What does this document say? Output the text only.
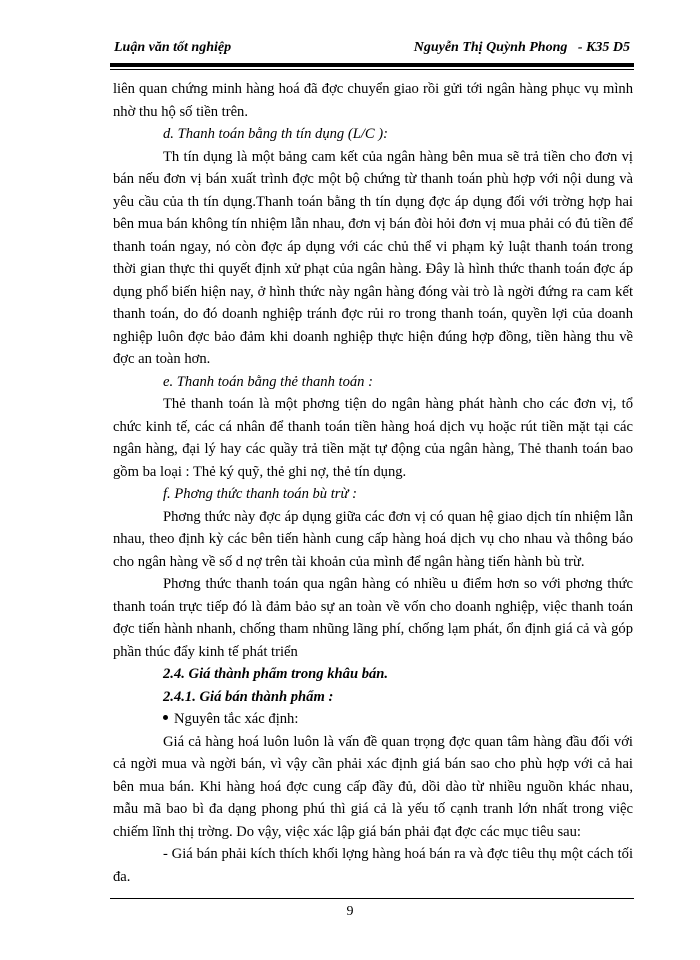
Luận văn tốt nghiệp	Nguyễn Thị Quỳnh Phong   - K35 D5

liên quan chứng minh hàng hoá đã đợc chuyển giao rồi gửi tới ngân hàng phục vụ mình nhờ thu hộ số tiền trên.

d. Thanh toán bằng th tín dụng (L/C ):

Th tín dụng là một bảng cam kết của ngân hàng bên mua sẽ trả tiền cho đơn vị bán nếu đơn vị bán xuất trình đợc một bộ chứng từ thanh toán phù hợp với nội dung và yêu cầu của th tín dụng.Thanh toán bằng th tín dụng đợc áp dụng đối với trờng hợp hai bên mua bán không tín nhiệm lẫn nhau, đơn vị bán đòi hỏi đơn vị mua phải có đủ tiền để thanh toán ngay, nó còn đợc áp dụng với các chủ thể vi phạm kỷ luật thanh toán trong thời gian thực thi quyết định xử phạt của ngân hàng. Đây là hình thức thanh toán đợc áp dụng phổ biến hiện nay, ở hình thức này ngân hàng đóng vài trò là ngời đứng ra cam kết thanh toán, do đó doanh nghiệp tránh đợc rủi ro trong thanh toán, quyền lợi của doanh nghiệp luôn đợc bảo đảm khi doanh nghiệp thực hiện đúng hợp đồng, tiền hàng thu về đợc an toàn hơn.

e. Thanh toán bằng thẻ thanh toán :

Thẻ thanh toán là một phơng tiện do ngân hàng phát hành cho các đơn vị, tổ chức kinh tế, các cá nhân để thanh toán tiền hàng hoá dịch vụ hoặc rút tiền mặt tại các ngân hàng, đại lý hay các quầy trả tiền mặt tự động của ngân hàng, Thẻ thanh toán bao gồm ba loại : Thẻ ký quỹ, thẻ ghi nợ, thẻ tín dụng.

f. Phơng thức thanh toán bù trừ :

Phơng thức này đợc áp dụng giữa các đơn vị có quan hệ giao dịch tín nhiệm lẫn nhau, theo định kỳ các bên tiến hành cung cấp hàng hoá dịch vụ cho nhau và thông báo cho ngân hàng về số d nợ trên tài khoản của mình để ngân hàng tiến hành bù trừ.

Phơng thức thanh toán qua ngân hàng có nhiều u điểm hơn so với phơng thức thanh toán trực tiếp đó là đảm bảo sự an toàn về vốn cho doanh nghiệp, việc thanh toán đợc tiến hành nhanh, chống tham nhũng lãng phí, chống lạm phát, ổn định giá cả và góp phần thúc đẩy kinh tế phát triển

2.4. Giá thành phẩm trong khâu bán.

2.4.1. Giá bán thành phẩm :

Nguyên tắc xác định:

Giá cả hàng hoá luôn luôn là vấn đề quan trọng đợc quan tâm hàng đầu đối với cả ngời mua và ngời bán, vì vậy cần phải xác định giá bán sao cho phù hợp với cả hai bên mua bán. Khi hàng hoá đợc cung cấp đầy đủ, dồi dào từ nhiều nguồn khác nhau, mẫu mã bao bì đa dạng phong phú thì giá cả là yếu tố cạnh tranh lớn nhất trong việc chiếm lĩnh thị trờng. Do vậy, việc xác lập giá bán phải đạt đợc các mục tiêu sau:

- Giá bán phải kích thích khối lợng hàng hoá bán ra và đợc tiêu thụ một cách tối đa.

9
